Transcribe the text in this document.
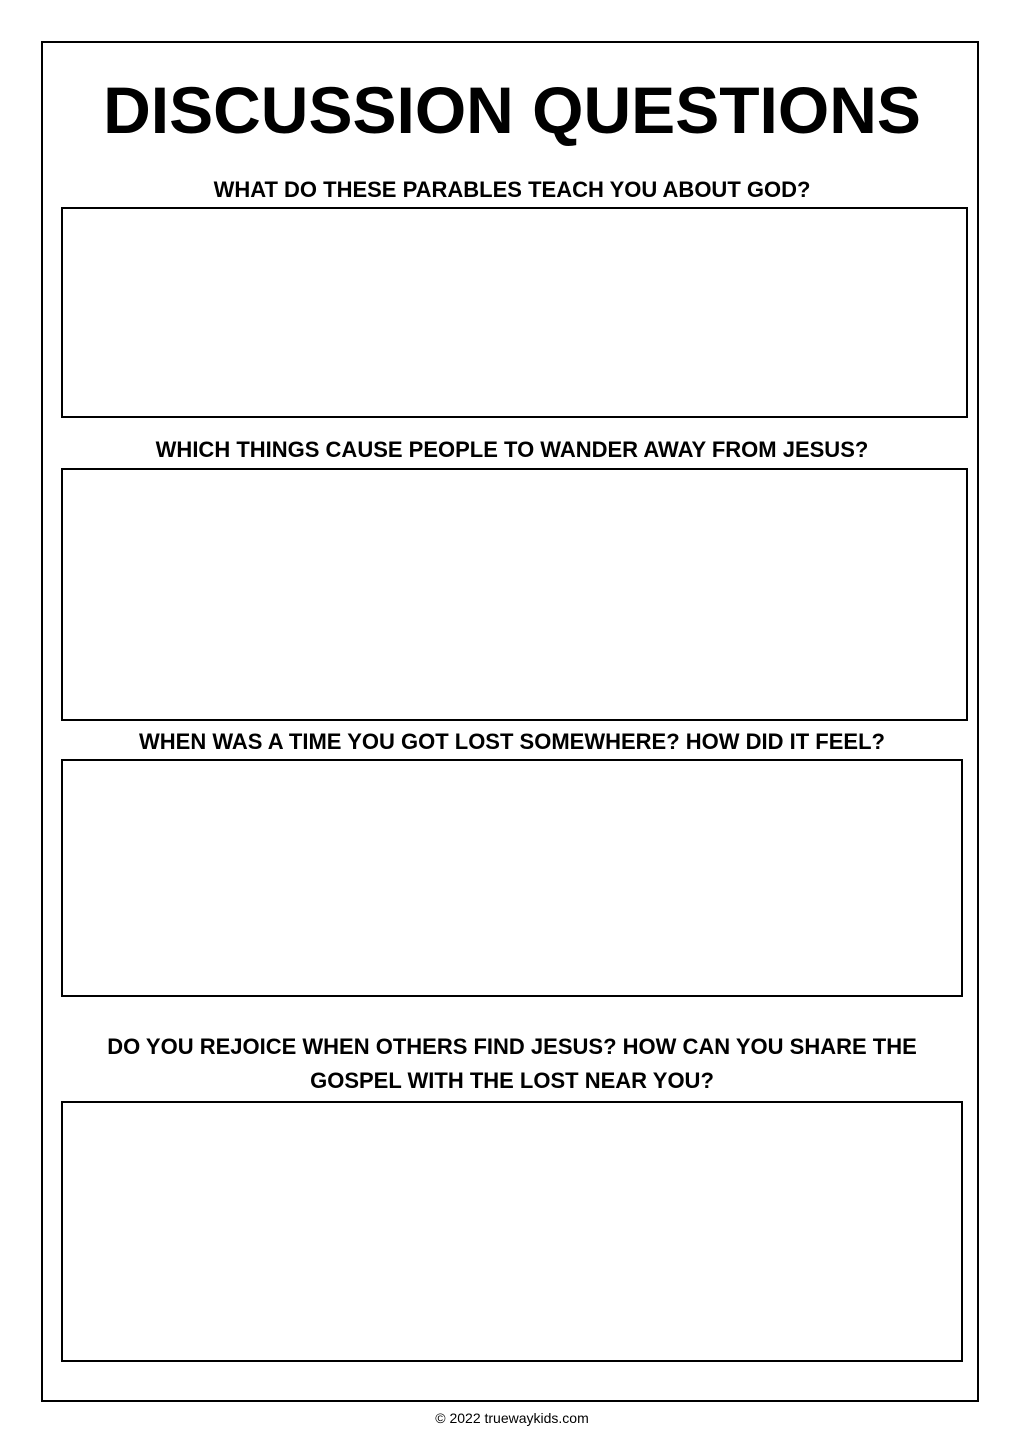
DISCUSSION QUESTIONS
WHAT DO THESE PARABLES TEACH YOU ABOUT GOD?
WHICH THINGS CAUSE PEOPLE TO WANDER AWAY FROM JESUS?
WHEN WAS A TIME YOU GOT LOST SOMEWHERE? HOW DID IT FEEL?
DO YOU REJOICE WHEN OTHERS FIND JESUS? HOW CAN YOU SHARE THE GOSPEL WITH THE LOST NEAR YOU?
© 2022 truewaykids.com
